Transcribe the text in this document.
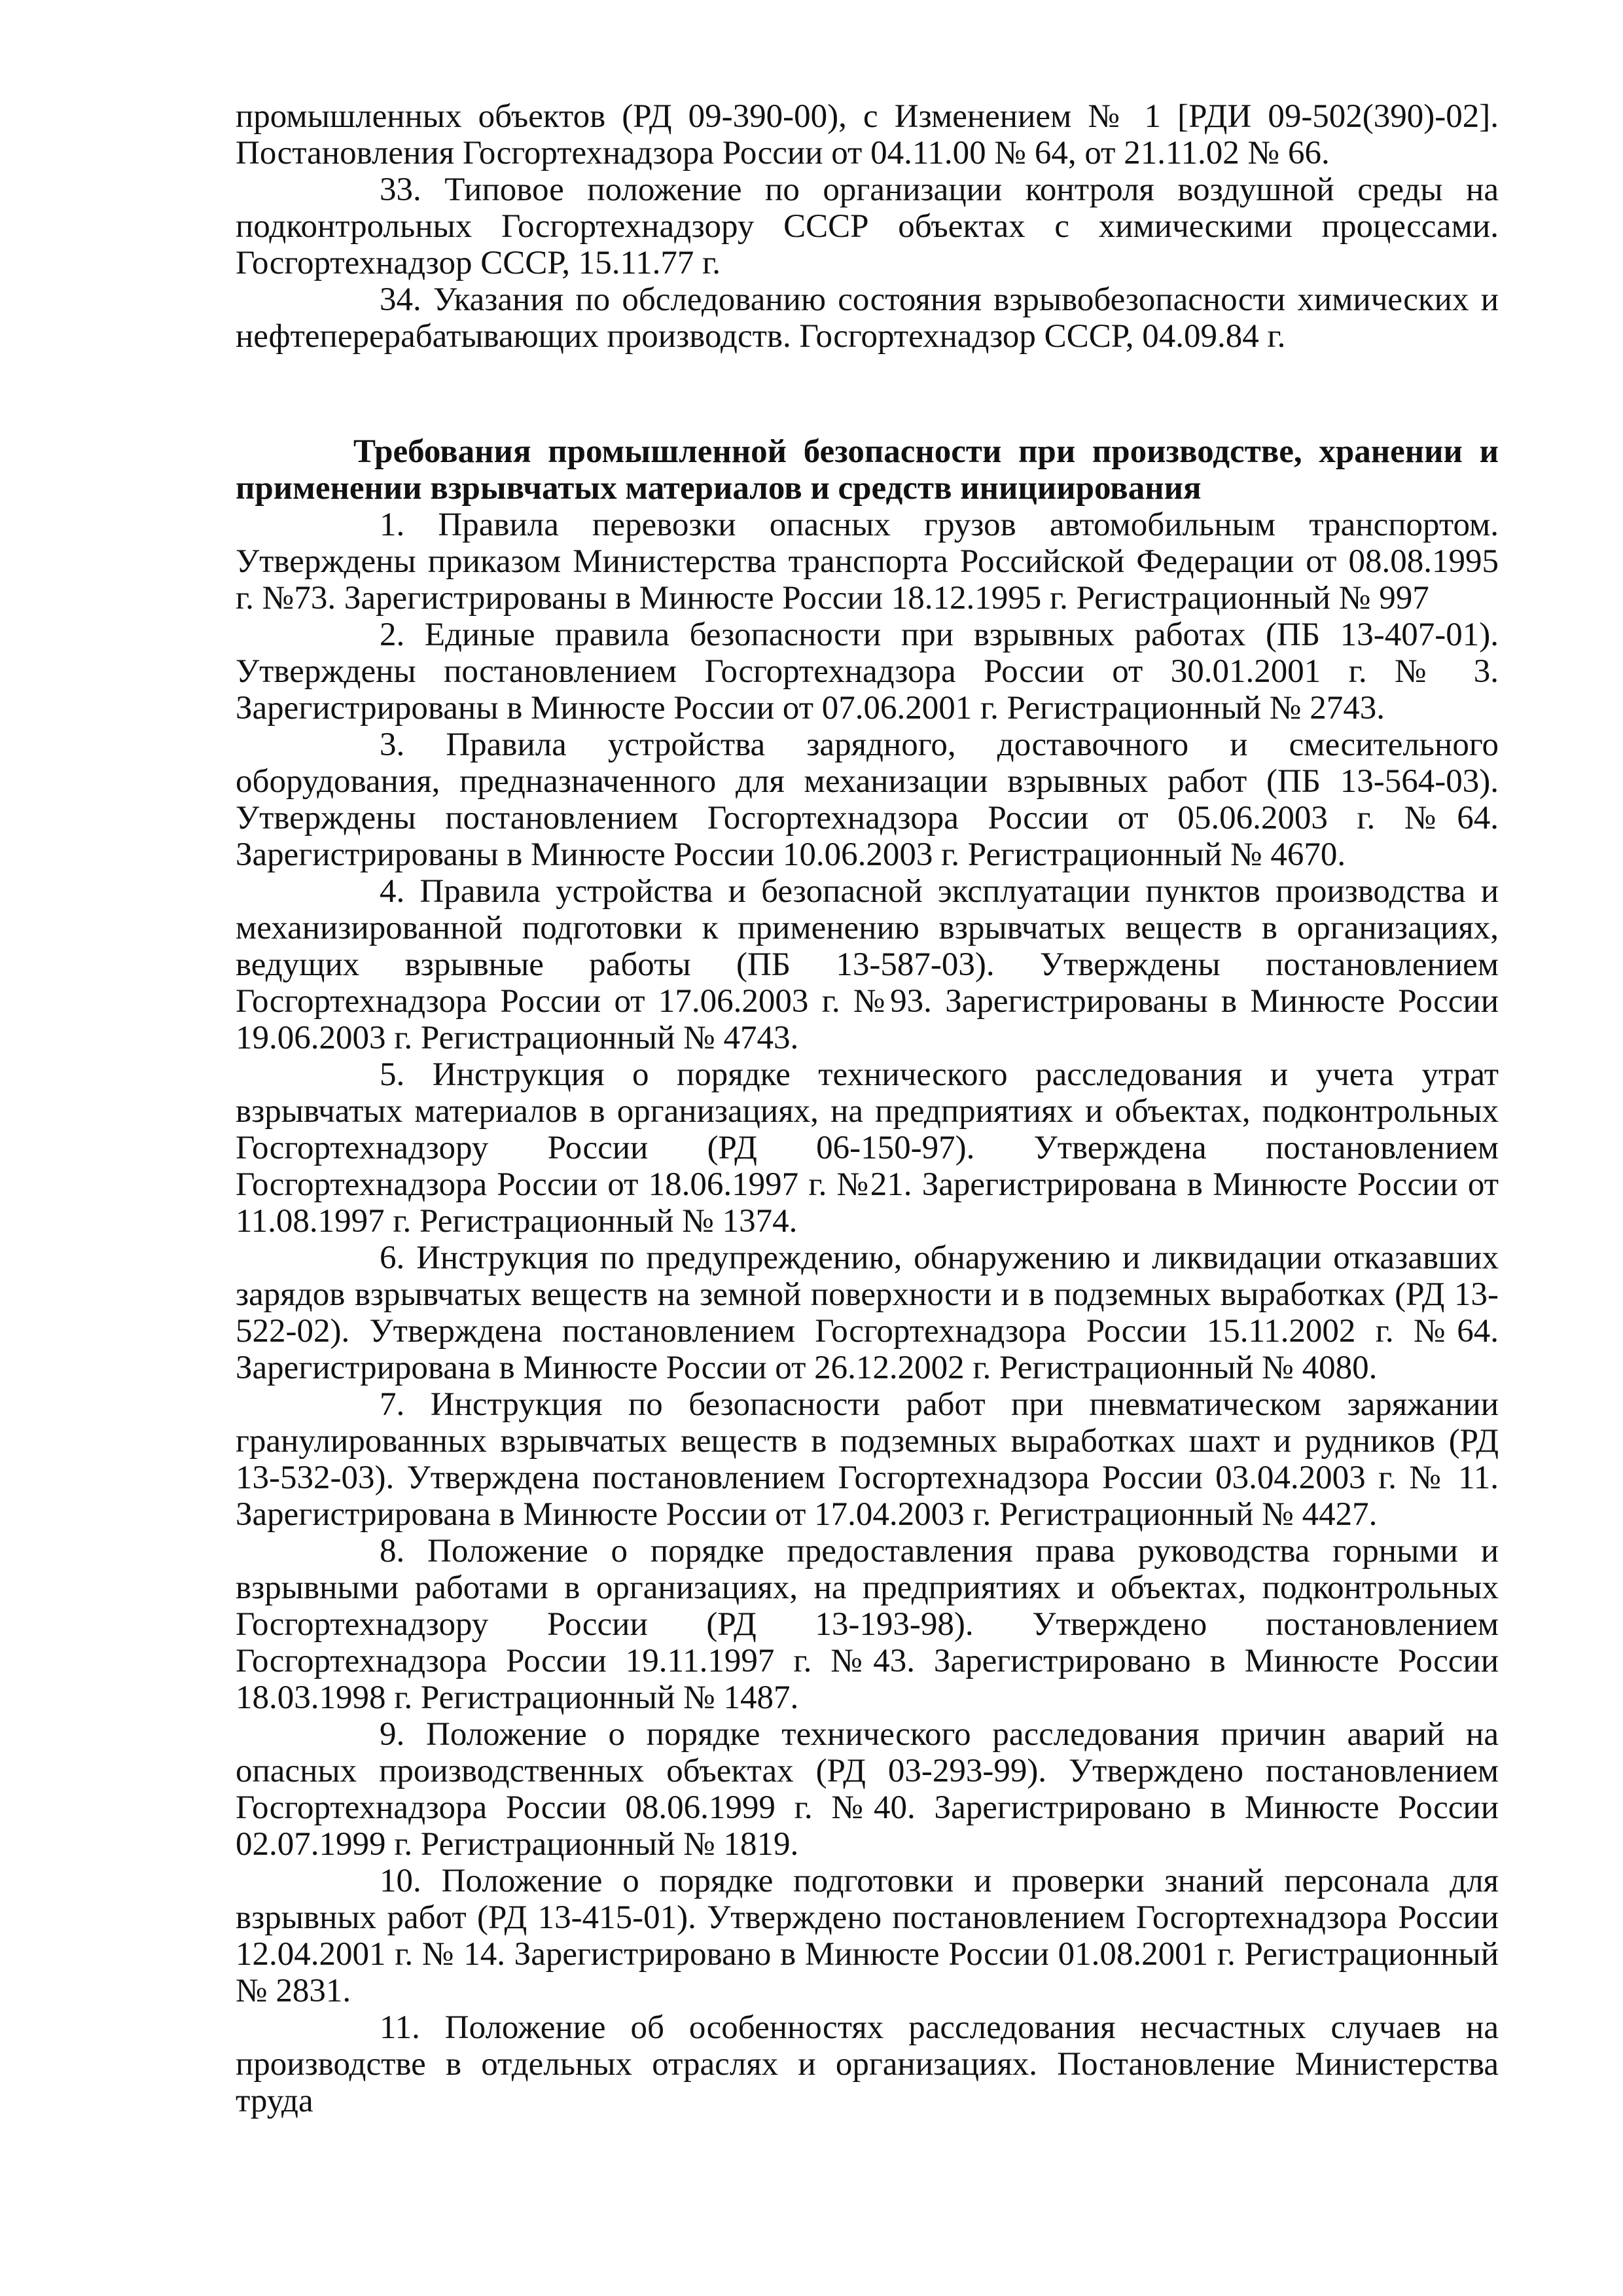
промышленных объектов (РД 09-390-00), с Изменением № 1 [РДИ 09-502(390)-02]. Постановления Госгортехнадзора России от 04.11.00 № 64, от 21.11.02 № 66.

33. Типовое положение по организации контроля воздушной среды на подконтрольных Госгортехнадзору СССР объектах с химическими процессами. Госгортехнадзор СССР, 15.11.77 г.

34. Указания по обследованию состояния взрывобезопасности химических и нефтеперерабатывающих производств. Госгортехнадзор СССР, 04.09.84 г.

Требования промышленной безопасности при производстве, хранении и применении взрывчатых материалов и средств инициирования

1. Правила перевозки опасных грузов автомобильным транспортом. Утверждены приказом Министерства транспорта Российской Федерации от 08.08.1995 г. №73. Зарегистрированы в Минюсте России 18.12.1995 г. Регистрационный № 997

2. Единые правила безопасности при взрывных работах (ПБ 13-407-01). Утверждены постановлением Госгортехнадзора России от 30.01.2001 г. № 3. Зарегистрированы в Минюсте России от 07.06.2001 г. Регистрационный № 2743.

3. Правила устройства зарядного, доставочного и смесительного оборудования, предназначенного для механизации взрывных работ (ПБ 13-564-03). Утверждены постановлением Госгортехнадзора России от 05.06.2003 г. №64. Зарегистрированы в Минюсте России 10.06.2003 г. Регистрационный № 4670.

4. Правила устройства и безопасной эксплуатации пунктов производства и механизированной подготовки к применению взрывчатых веществ в организациях, ведущих взрывные работы (ПБ 13-587-03). Утверждены постановлением Госгортехнадзора России от 17.06.2003 г. №93. Зарегистрированы в Минюсте России 19.06.2003 г. Регистрационный № 4743.

5. Инструкция о порядке технического расследования и учета утрат взрывчатых материалов в организациях, на предприятиях и объектах, подконтрольных Госгортехнадзору России (РД 06-150-97). Утверждена постановлением Госгортехнадзора России от 18.06.1997 г. №21. Зарегистрирована в Минюсте России от 11.08.1997 г. Регистрационный № 1374.

6. Инструкция по предупреждению, обнаружению и ликвидации отказавших зарядов взрывчатых веществ на земной поверхности и в подземных выработках (РД 13-522-02). Утверждена постановлением Госгортехнадзора России 15.11.2002 г. №64. Зарегистрирована в Минюсте России от 26.12.2002 г. Регистрационный № 4080.

7. Инструкция по безопасности работ при пневматическом заряжании гранулированных взрывчатых веществ в подземных выработках шахт и рудников (РД 13-532-03). Утверждена постановлением Госгортехнадзора России 03.04.2003 г. № 11. Зарегистрирована в Минюсте России от 17.04.2003 г. Регистрационный № 4427.

8. Положение о порядке предоставления права руководства горными и взрывными работами в организациях, на предприятиях и объектах, подконтрольных Госгортехнадзору России (РД 13-193-98). Утверждено постановлением Госгортехнадзора России 19.11.1997 г. №43. Зарегистрировано в Минюсте России 18.03.1998 г. Регистрационный № 1487.

9. Положение о порядке технического расследования причин аварий на опасных производственных объектах (РД 03-293-99). Утверждено постановлением Госгортехнадзора России 08.06.1999 г. №40. Зарегистрировано в Минюсте России 02.07.1999 г. Регистрационный № 1819.

10. Положение о порядке подготовки и проверки знаний персонала для взрывных работ (РД 13-415-01). Утверждено постановлением Госгортехнадзора России 12.04.2001 г. № 14. Зарегистрировано в Минюсте России 01.08.2001 г. Регистрационный № 2831.

11. Положение об особенностях расследования несчастных случаев на производстве в отдельных отраслях и организациях. Постановление Министерства труда
